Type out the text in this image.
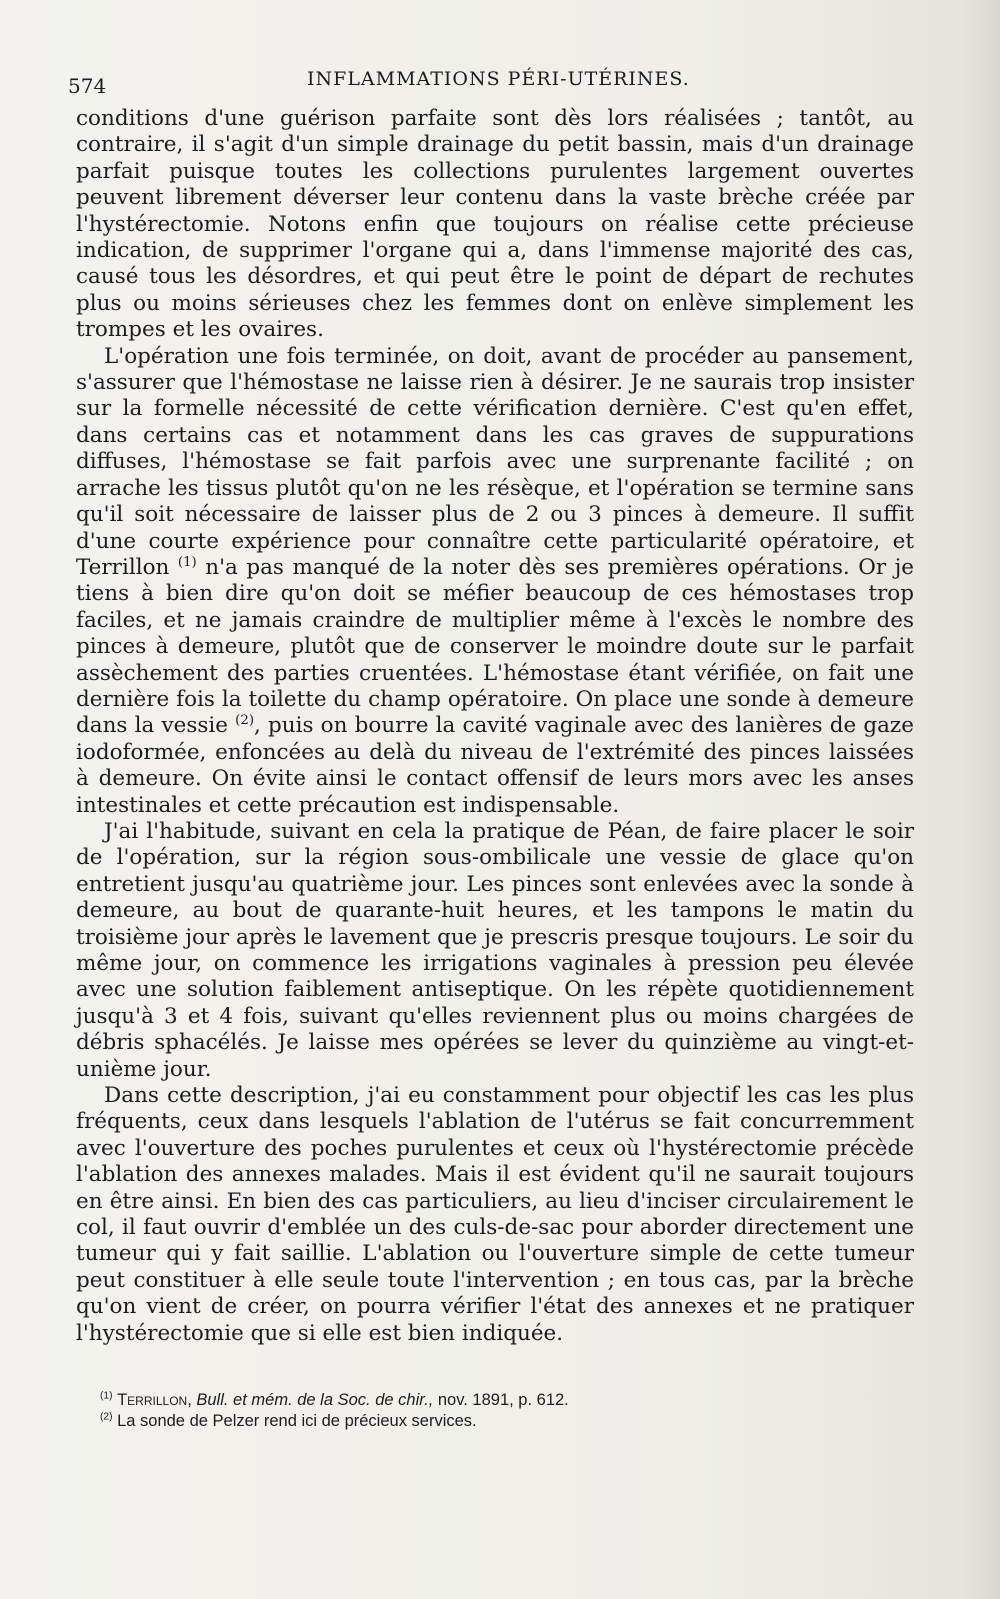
574	INFLAMMATIONS PÉRI-UTÉRINES.

conditions d'une guérison parfaite sont dès lors réalisées ; tantôt, au contraire, il s'agit d'un simple drainage du petit bassin, mais d'un drainage parfait puisque toutes les collections purulentes largement ouvertes peuvent librement déverser leur contenu dans la vaste brèche créée par l'hystérectomie. Notons enfin que toujours on réalise cette précieuse indication, de supprimer l'organe qui a, dans l'immense majorité des cas, causé tous les désordres, et qui peut être le point de départ de rechutes plus ou moins sérieuses chez les femmes dont on enlève simplement les trompes et les ovaires.

L'opération une fois terminée, on doit, avant de procéder au pansement, s'assurer que l'hémostase ne laisse rien à désirer. Je ne saurais trop insister sur la formelle nécessité de cette vérification dernière. C'est qu'en effet, dans certains cas et notamment dans les cas graves de suppurations diffuses, l'hémostase se fait parfois avec une surprenante facilité ; on arrache les tissus plutôt qu'on ne les résèque, et l'opération se termine sans qu'il soit nécessaire de laisser plus de 2 ou 3 pinces à demeure. Il suffit d'une courte expérience pour connaître cette particularité opératoire, et Terrillon $^{(1)}$ n'a pas manqué de la noter dès ses premières opérations. Or je tiens à bien dire qu'on doit se méfier beaucoup de ces hémostases trop faciles, et ne jamais craindre de multiplier même à l'excès le nombre des pinces à demeure, plutôt que de conserver le moindre doute sur le parfait assèchement des parties cruentées. L'hémostase étant vérifiée, on fait une dernière fois la toilette du champ opératoire. On place une sonde à demeure dans la vessie $^{(2)}$, puis on bourre la cavité vaginale avec des lanières de gaze iodoformée, enfoncées au delà du niveau de l'extrémité des pinces laissées à demeure. On évite ainsi le contact offensif de leurs mors avec les anses intestinales et cette précaution est indispensable.

J'ai l'habitude, suivant en cela la pratique de Péan, de faire placer le soir de l'opération, sur la région sous-ombilicale une vessie de glace qu'on entretient jusqu'au quatrième jour. Les pinces sont enlevées avec la sonde à demeure, au bout de quarante-huit heures, et les tampons le matin du troisième jour après le lavement que je prescris presque toujours. Le soir du même jour, on commence les irrigations vaginales à pression peu élevée avec une solution faiblement antiseptique. On les répète quotidiennement jusqu'à 3 et 4 fois, suivant qu'elles reviennent plus ou moins chargées de débris sphacélés. Je laisse mes opérées se lever du quinzième au vingt-et-unième jour.

Dans cette description, j'ai eu constamment pour objectif les cas les plus fréquents, ceux dans lesquels l'ablation de l'utérus se fait concurremment avec l'ouverture des poches purulentes et ceux où l'hystérectomie précède l'ablation des annexes malades. Mais il est évident qu'il ne saurait toujours en être ainsi. En bien des cas particuliers, au lieu d'inciser circulairement le col, il faut ouvrir d'emblée un des culs-de-sac pour aborder directement une tumeur qui y fait saillie. L'ablation ou l'ouverture simple de cette tumeur peut constituer à elle seule toute l'intervention ; en tous cas, par la brèche qu'on vient de créer, on pourra vérifier l'état des annexes et ne pratiquer l'hystérectomie que si elle est bien indiquée.

$^{(1)}$ Terrillon, Bull. et mém. de la Soc. de chir., nov. 1891, p. 612.

$^{(2)}$ La sonde de Pelzer rend ici de précieux services.
